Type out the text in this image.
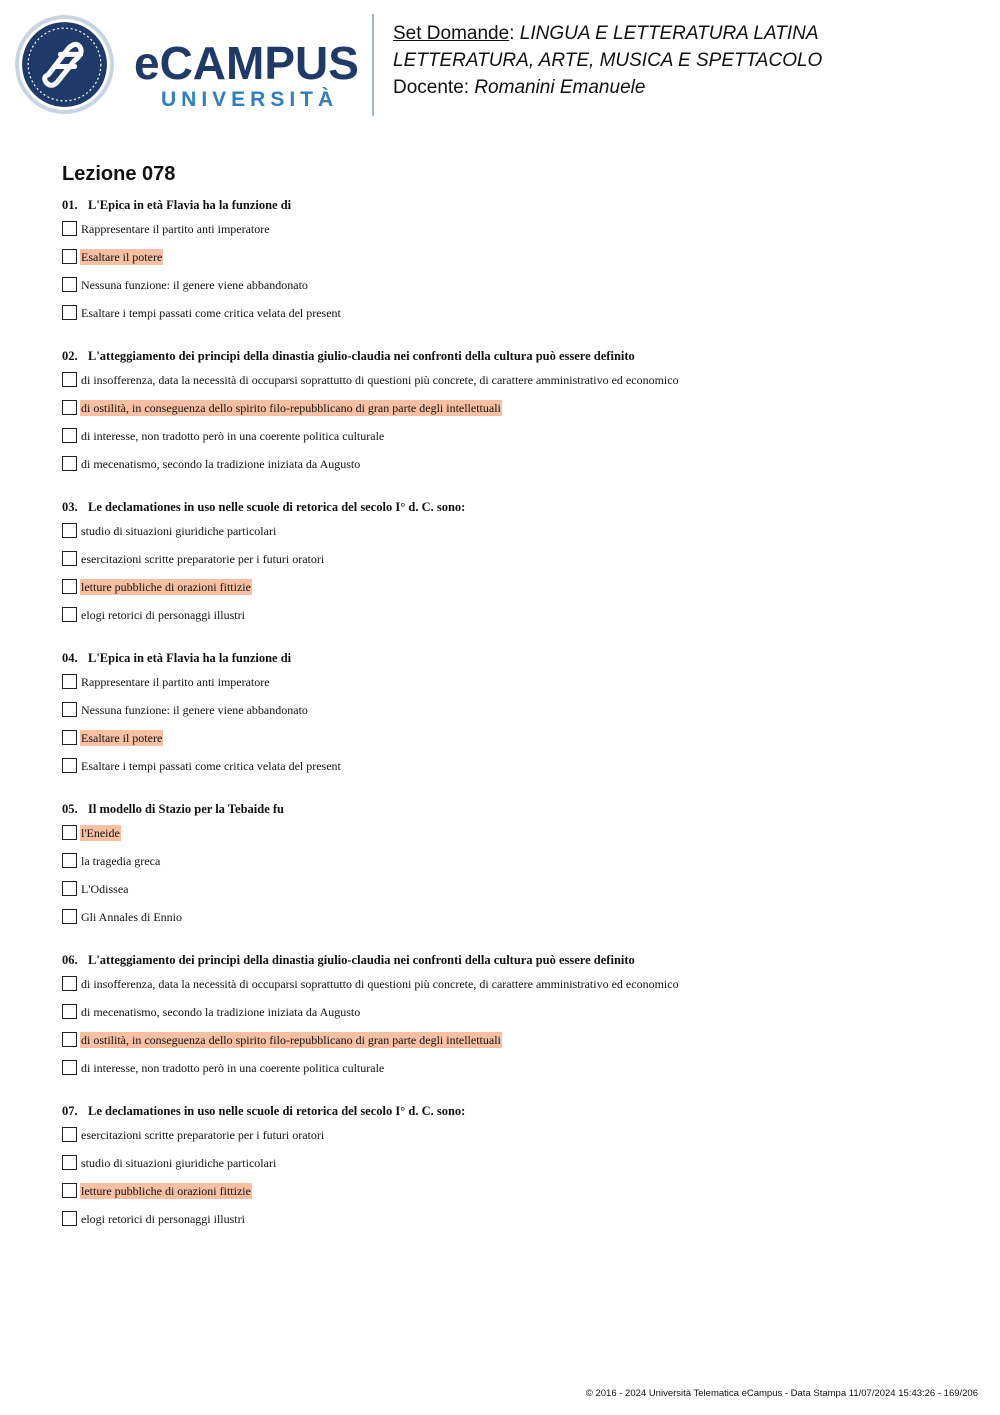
eCAMPUS
UNIVERSITÀ
Set Domande: LINGUA E LETTERATURA LATINA
LETTERATURA, ARTE, MUSICA E SPETTACOLO
Docente: Romanini Emanuele
Lezione 078
01. L'Epica in età Flavia ha la funzione di
Rappresentare il partito anti imperatore
Esaltare il potere
Nessuna funzione: il genere viene abbandonato
Esaltare i tempi passati come critica velata del present
02. L'atteggiamento dei principi della dinastia giulio-claudia nei confronti della cultura può essere definito
di insofferenza, data la necessità di occuparsi soprattutto di questioni più concrete, di carattere amministrativo ed economico
di ostilità, in conseguenza dello spirito filo-repubblicano di gran parte degli intellettuali
di interesse, non tradotto però in una coerente politica culturale
di mecenatismo, secondo la tradizione iniziata da Augusto
03. Le declamationes in uso nelle scuole di retorica del secolo I° d. C. sono:
studio di situazioni giuridiche particolari
esercitazioni scritte preparatorie per i futuri oratori
letture pubbliche di orazioni fittizie
elogi retorici di personaggi illustri
04. L'Epica in età Flavia ha la funzione di
Rappresentare il partito anti imperatore
Nessuna funzione: il genere viene abbandonato
Esaltare il potere
Esaltare i tempi passati come critica velata del present
05. Il modello di Stazio per la Tebaide fu
l'Eneide
la tragedia greca
L'Odissea
Gli Annales di Ennio
06. L'atteggiamento dei principi della dinastia giulio-claudia nei confronti della cultura può essere definito
di insofferenza, data la necessità di occuparsi soprattutto di questioni più concrete, di carattere amministrativo ed economico
di mecenatismo, secondo la tradizione iniziata da Augusto
di ostilità, in conseguenza dello spirito filo-repubblicano di gran parte degli intellettuali
di interesse, non tradotto però in una coerente politica culturale
07. Le declamationes in uso nelle scuole di retorica del secolo I° d. C. sono:
esercitazioni scritte preparatorie per i futuri oratori
studio di situazioni giuridiche particolari
letture pubbliche di orazioni fittizie
elogi retorici di personaggi illustri
© 2016 - 2024 Università Telematica eCampus - Data Stampa 11/07/2024 15:43:26 - 169/206
